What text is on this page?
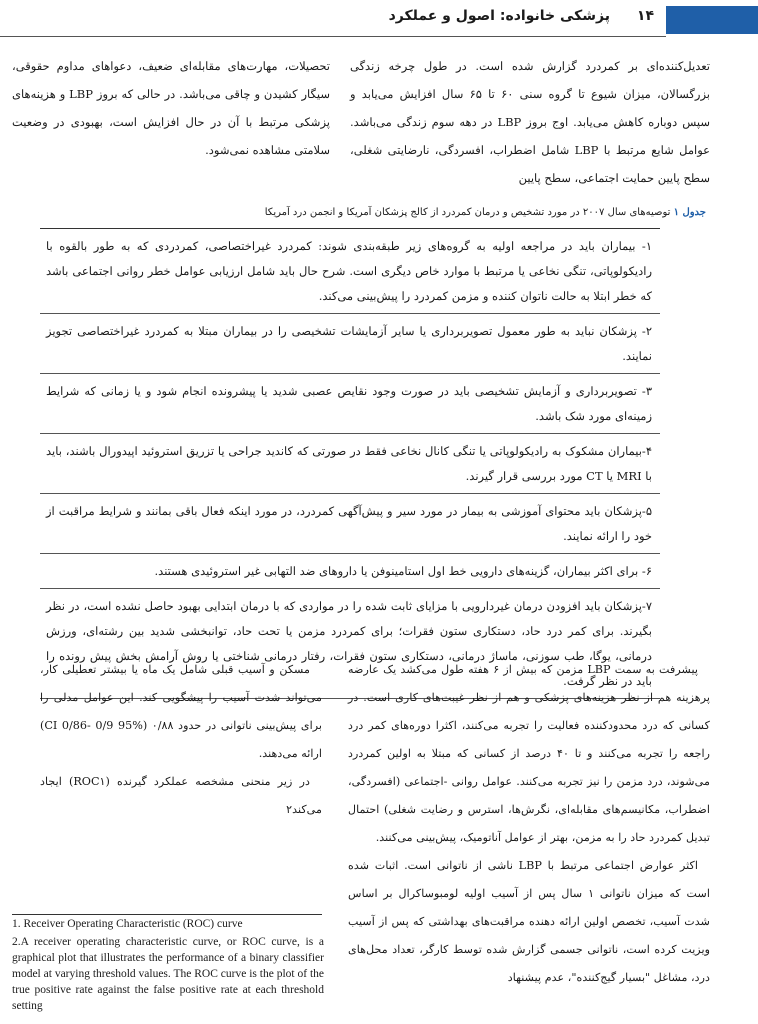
۱۴
پزشکی خانواده: اصول و عملکرد

تعدیل‌کننده‌ای بر کمردرد گزارش شده است. در طول چرخه زندگی بزرگسالان، میزان شیوع تا گروه سنی ۶۰ تا ۶۵ سال افزایش می‌یابد و سپس دوباره کاهش می‌یابد. اوج بروز LBP در دهه سوم زندگی می‌باشد. عوامل شایع مرتبط با LBP شامل اضطراب، افسردگی، نارضایتی شغلی، سطح پایین حمایت اجتماعی، سطح پایین

تحصیلات، مهارت‌های مقابله‌ای ضعیف، دعواهای مداوم حقوقی، سیگار کشیدن و چاقی می‌باشد. در حالی که بروز LBP و هزینه‌های پزشکی مرتبط با آن در حال افزایش است، بهبودی در وضعیت سلامتی مشاهده نمی‌شود.

جدول ۱ توصیه‌های سال ۲۰۰۷ در مورد تشخیص و درمان کمردرد از کالج پزشکان آمریکا و انجمن درد آمریکا
۱- بیماران باید در مراجعه اولیه به گروه‌های زیر طبقه‌بندی شوند: کمردرد غیراختصاصی، کمردردی که به طور بالقوه با رادیکولوپاتی، تنگی نخاعی یا مرتبط با موارد خاص دیگری است. شرح حال باید شامل ارزیابی عوامل خطر روانی اجتماعی باشد که خطر ابتلا به حالت ناتوان کننده و مزمن کمردرد را پیش‌بینی می‌کند.
۲- پزشکان نباید به طور معمول تصویربرداری یا سایر آزمایشات تشخیصی را در بیماران مبتلا به کمردرد غیراختصاصی تجویز نمایند.
۳- تصویربرداری و آزمایش تشخیصی باید در صورت وجود نقایص عصبی شدید یا پیشرونده انجام شود و یا زمانی که شرایط زمینه‌ای مورد شک باشد.
۴-بیماران مشکوک به رادیکولوپاتی یا تنگی کانال نخاعی فقط در صورتی که کاندید جراحی یا تزریق استروئید اپیدورال باشند، باید با MRI یا CT مورد بررسی قرار گیرند.
۵-پزشکان باید محتوای آموزشی به بیمار در مورد سیر و پیش‌آگهی کمردرد، در مورد اینکه فعال باقی بمانند و شرایط مراقبت از خود را ارائه نمایند.
۶- برای اکثر بیماران، گزینه‌های دارویی خط اول استامینوفن یا داروهای ضد التهابی غیر استروئیدی هستند.
۷-پزشکان باید افزودن درمان غیردارویی با مزایای ثابت شده را در مواردی که با درمان ابتدایی بهبود حاصل نشده است، در نظر بگیرند. برای کمر درد حاد، دستکاری ستون فقرات؛ برای کمردرد مزمن یا تحت حاد، توانبخشی شدید بین رشته‌ای، ورزش درمانی، یوگا، طب سوزنی، ماساژ درمانی، دستکاری ستون فقرات، رفتار درمانی شناختی یا روش آرامش بخش پیش رونده را باید در نظر گرفت.

پیشرفت به سمت LBP مزمن که بیش از ۶ هفته طول می‌کشد یک عارضه پرهزینه هم از نظر هزینه‌های پزشکی و هم از نظر غیبت‌های کاری است. در کسانی که درد محدودکننده فعالیت را تجربه می‌کنند، اکثرا دوره‌های کمر درد راجعه را تجربه می‌کنند و تا ۴۰ درصد از کسانی که مبتلا به اولین کمردرد می‌شوند، درد مزمن را نیز تجربه می‌کنند. عوامل روانی -اجتماعی (افسردگی، اضطراب، مکانیسم‌های مقابله‌ای، نگرش‌ها، استرس و رضایت شغلی) احتمال تبدیل کمردرد حاد را به مزمن، بهتر از عوامل آناتومیک، پیش‌بینی می‌کنند.

اکثر عوارض اجتماعی مرتبط با LBP ناشی از ناتوانی است. اثبات شده است که میزان ناتوانی ۱ سال پس از آسیب اولیه لومبوساکرال بر اساس شدت آسیب، تخصص اولین ارائه دهنده مراقبت‌های بهداشتی که پس از آسیب ویزیت کرده است، ناتوانی جسمی گزارش شده توسط کارگر، تعداد محل‌های درد، مشاغل "بسیار گیج‌کننده"، عدم پیشنهاد

مسکن و آسیب قبلی شامل یک ماه یا بیشتر تعطیلی کار، می‌تواند شدت آسیب را پیشگویی کند. این عوامل مدلی را برای پیش‌بینی ناتوانی در حدود ۰/۸۸ (CI 0/86- 0/9 95%) ارائه می‌دهند.

در زیر منحنی مشخصه عملکرد گیرنده (ROC۱) ایجاد می‌کند۲

1. Receiver Operating Characteristic (ROC) curve

2.A receiver operating characteristic curve, or ROC curve, is a graphical plot that illustrates the performance of a binary classifier model at varying threshold values. The ROC curve is the plot of the true positive rate against the false positive rate at each threshold setting
